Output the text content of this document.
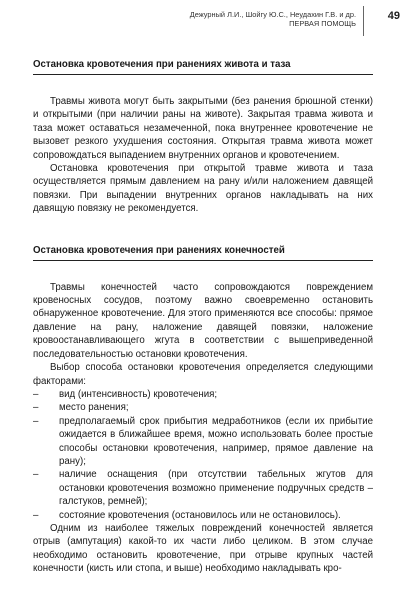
Дежурный Л.И., Шойгу Ю.С., Неудахин Г.В. и др.
ПЕРВАЯ ПОМОЩЬ
49
Остановка кровотечения при ранениях живота и таза

Травмы живота могут быть закрытыми (без ранения брюшной стенки) и открытыми (при наличии раны на животе). Закрытая травма живота и таза может оставаться незамеченной, пока внутреннее кровотечение не вызовет резкого ухудшения состояния. Открытая травма живота может сопровождаться выпадением внутренних органов и кровотечением.

Остановка кровотечения при открытой травме живота и таза осуществляется прямым давлением на рану и/или наложением давящей повязки. При выпадении внутренних органов накладывать на них давящую повязку не рекомендуется.

Остановка кровотечения при ранениях конечностей

Травмы конечностей часто сопровождаются повреждением кровеносных сосудов, поэтому важно своевременно остановить обнаруженное кровотечение. Для этого применяются все способы: прямое давление на рану, наложение давящей повязки, наложение кровоостанавливающего жгута в соответствии с вышеприведенной последовательностью остановки кровотечения.

Выбор способа остановки кровотечения определяется следующими факторами:

– вид (интенсивность) кровотечения;
– место ранения;
– предполагаемый срок прибытия медработников (если их прибытие ожидается в ближайшее время, можно использовать более простые способы остановки кровотечения, например, прямое давление на рану);
– наличие оснащения (при отсутствии табельных жгутов для остановки кровотечения возможно применение подручных средств – галстуков, ремней);
– состояние кровотечения (остановилось или не остановилось).

Одним из наиболее тяжелых повреждений конечностей является отрыв (ампутация) какой-то их части либо целиком. В этом случае необходимо остановить кровотечение, при отрыве крупных частей конечности (кисть или стопа, и выше) необходимо накладывать кро-
